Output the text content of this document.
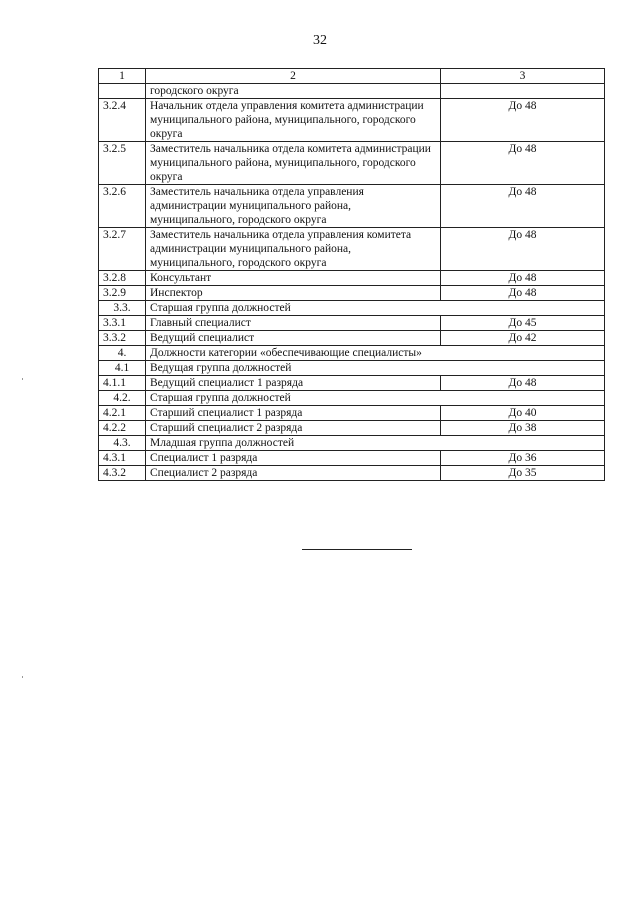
32
1	2	3
	городского округа	
3.2.4	Начальник отдела управления комитета администрации муниципального района, муниципального, городского округа	До 48
3.2.5	Заместитель начальника отдела комитета администрации муниципального района, муниципального, городского округа	До 48
3.2.6	Заместитель начальника отдела управления администрации муниципального района, муниципального, городского округа	До 48
3.2.7	Заместитель начальника отдела управления комитета администрации муниципального района, муниципального, городского округа	До 48
3.2.8	Консультант	До 48
3.2.9	Инспектор	До 48
3.3.	Старшая группа должностей	
3.3.1	Главный специалист	До 45
3.3.2	Ведущий специалист	До 42
4.	Должности категории «обеспечивающие специалисты»	
4.1	Ведущая группа должностей	
4.1.1	Ведущий специалист 1 разряда	До 48
4.2.	Старшая группа должностей	
4.2.1	Старший специалист 1 разряда	До 40
4.2.2	Старший специалист 2 разряда	До 38
4.3.	Младшая группа должностей	
4.3.1	Специалист 1 разряда	До 36
4.3.2	Специалист 2 разряда	До 35
